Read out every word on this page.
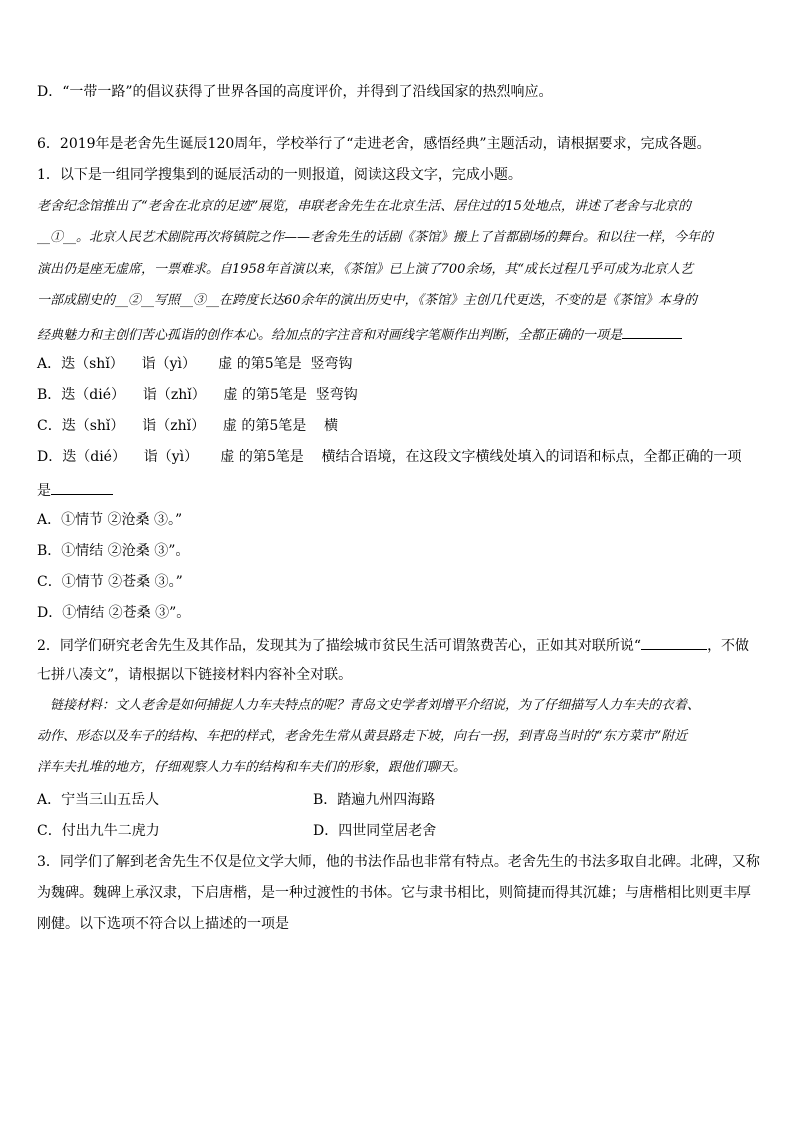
D．“一带一路”的倡议获得了世界各国的高度评价，并得到了沿线国家的热烈响应。
6．2019年是老舍先生诞辰120周年，学校举行了“走进老舍，感悟经典”主题活动，请根据要求，完成各题。
1．以下是一组同学搜集到的诞辰活动的一则报道，阅读这段文字，完成小题。
老舍纪念馆推出了“老舍在北京的足迹”展览，串联老舍先生在北京生活、居住过的15处地点，讲述了老舍与北京的
__①__。北京人民艺术剧院再次将镇院之作——老舍先生的话剧《茶馆》搬上了首都剧场的舞台。和以往一样，今年的
演出仍是座无虚席，一票难求。自1958年首演以来，《茶馆》已上演了700余场，其“成长过程几乎可成为北京人艺
一部成剧史的__②__写照__③__在跨度长达60余年的演出历史中，《茶馆》主创几代更迭，不变的是《茶馆》本身的
经典魅力和主创们苦心孤诣的创作本心。给加点的字注音和对画线字笔顺作出判断，全都正确的一项是
A．迭（shǐ）    诣（yì）     虚 的第5笔是  竖弯钩
B．迭（dié）    诣（zhǐ）    虚 的第5笔是  竖弯钩
C．迭（shǐ）    诣（zhǐ）    虚 的第5笔是    横
D．迭（dié）    诣（yì）     虚 的第5笔是    横结合语境，在这段文字横线处填入的词语和标点，全都正确的一项
是
A．①情节 ②沧桑 ③。”
B．①情结 ②沧桑 ③”。
C．①情节 ②苍桑 ③。”
D．①情结 ②苍桑 ③”。
2．同学们研究老舍先生及其作品，发现其为了描绘城市贫民生活可谓煞费苦心，正如其对联所说“	，不做
七拼八凑文”，请根据以下链接材料内容补全对联。
链接材料：文人老舍是如何捕捉人力车夫特点的呢？青岛文史学者刘增平介绍说，为了仔细描写人力车夫的衣着、
动作、形态以及车子的结构、车把的样式，老舍先生常从黄县路走下坡，向右一拐，到青岛当时的“东方菜市”附近
洋车夫扎堆的地方，仔细观察人力车的结构和车夫们的形象，跟他们聊天。
A．宁当三山五岳人	B．踏遍九州四海路
C．付出九牛二虎力	D．四世同堂居老舍
3．同学们了解到老舍先生不仅是位文学大师，他的书法作品也非常有特点。老舍先生的书法多取自北碑。北碑，又称
为魏碑。魏碑上承汉隶，下启唐楷，是一种过渡性的书体。它与隶书相比，则简捷而得其沉雄；与唐楷相比则更丰厚
刚健。以下选项不符合以上描述的一项是
